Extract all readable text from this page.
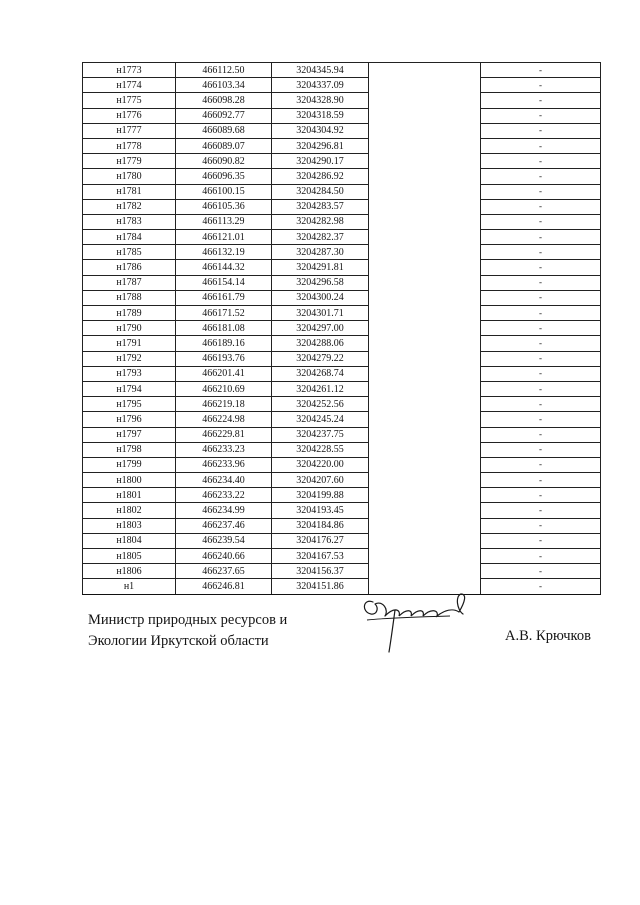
н1773	466112.50	3204345.94		-
н1774	466103.34	3204337.09		-
н1775	466098.28	3204328.90		-
н1776	466092.77	3204318.59		-
н1777	466089.68	3204304.92		-
н1778	466089.07	3204296.81		-
н1779	466090.82	3204290.17		-
н1780	466096.35	3204286.92		-
н1781	466100.15	3204284.50		-
н1782	466105.36	3204283.57		-
н1783	466113.29	3204282.98		-
н1784	466121.01	3204282.37		-
н1785	466132.19	3204287.30		-
н1786	466144.32	3204291.81		-
н1787	466154.14	3204296.58		-
н1788	466161.79	3204300.24		-
н1789	466171.52	3204301.71		-
н1790	466181.08	3204297.00		-
н1791	466189.16	3204288.06		-
н1792	466193.76	3204279.22		-
н1793	466201.41	3204268.74		-
н1794	466210.69	3204261.12		-
н1795	466219.18	3204252.56		-
н1796	466224.98	3204245.24		-
н1797	466229.81	3204237.75		-
н1798	466233.23	3204228.55		-
н1799	466233.96	3204220.00		-
н1800	466234.40	3204207.60		-
н1801	466233.22	3204199.88		-
н1802	466234.99	3204193.45		-
н1803	466237.46	3204184.86		-
н1804	466239.54	3204176.27		-
н1805	466240.66	3204167.53		-
н1806	466237.65	3204156.37		-
н1	466246.81	3204151.86		-
Министр природных ресурсов и
Экологии Иркутской области	А.В. Крючков
